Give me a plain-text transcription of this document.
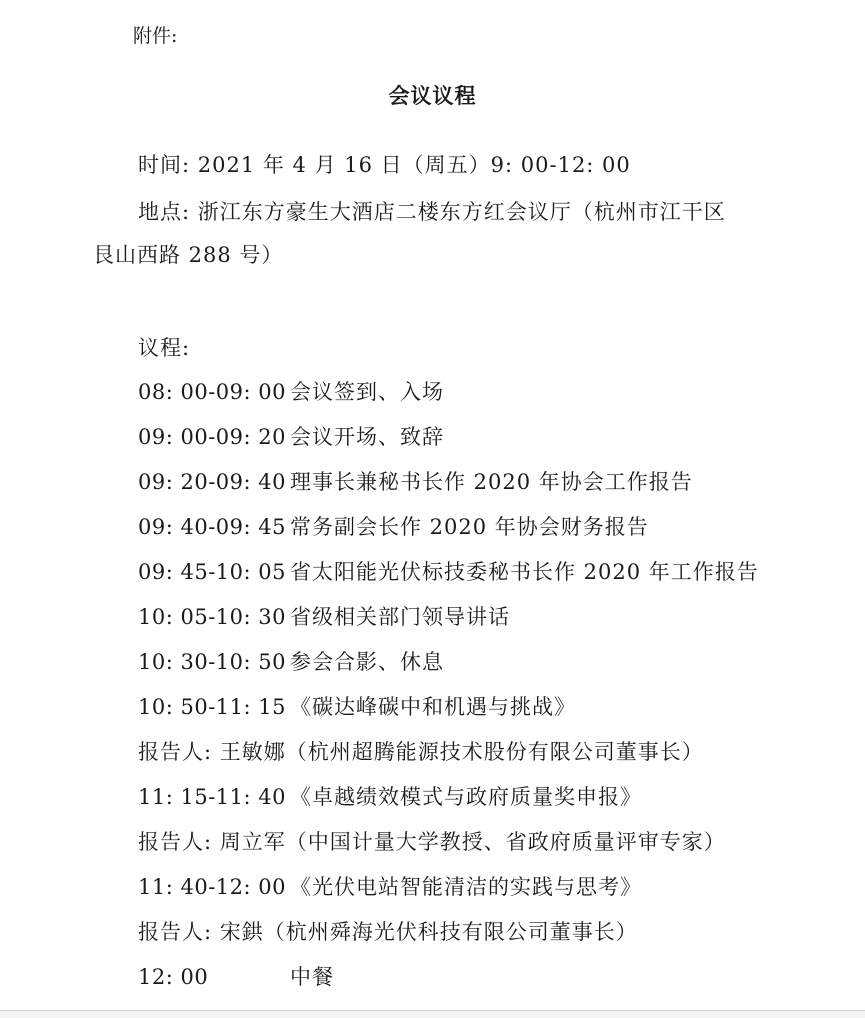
附件:
会议议程
时间: 2021 年 4 月 16 日（周五）9: 00-12: 00
地点: 浙江东方豪生大酒店二楼东方红会议厅（杭州市江干区
艮山西路 288 号）
议程:
08: 00-09: 00 会议签到、入场
09: 00-09: 20 会议开场、致辞
09: 20-09: 40 理事长兼秘书长作 2020 年协会工作报告
09: 40-09: 45 常务副会长作 2020 年协会财务报告
09: 45-10: 05 省太阳能光伏标技委秘书长作 2020 年工作报告
10: 05-10: 30 省级相关部门领导讲话
10: 30-10: 50 参会合影、休息
10: 50-11: 15 《碳达峰碳中和机遇与挑战》
报告人: 王敏娜（杭州超腾能源技术股份有限公司董事长）
11: 15-11: 40 《卓越绩效模式与政府质量奖申报》
报告人: 周立军（中国计量大学教授、省政府质量评审专家）
11: 40-12: 00 《光伏电站智能清洁的实践与思考》
报告人: 宋鉷（杭州舜海光伏科技有限公司董事长）
12: 00	中餐
